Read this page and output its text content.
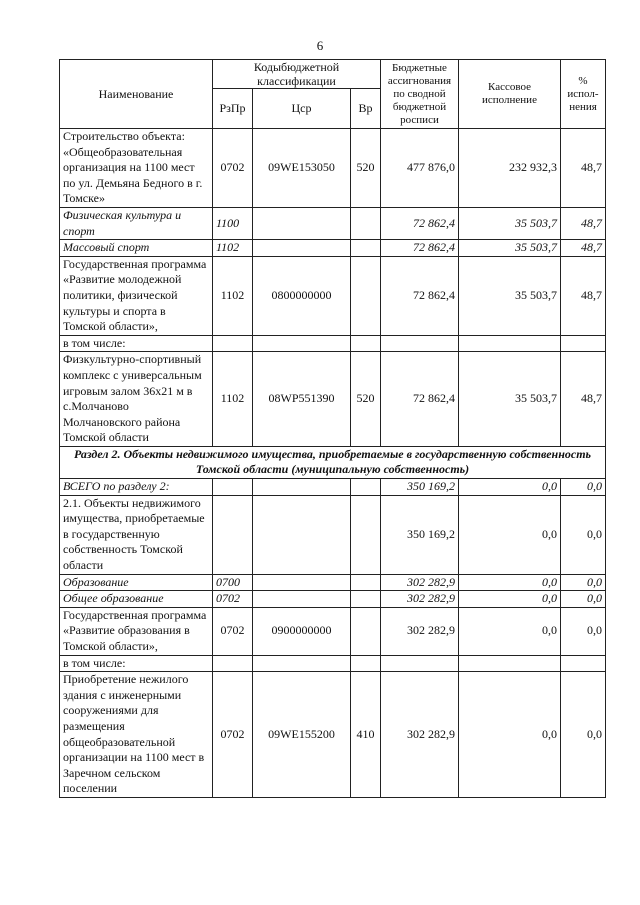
6
Наименование	Кодыбюджетной классификации			Бюджетные ассигнования по сводной бюджетной росписи	Кассовое исполнение	% испол-нения
	РзПр	Цср	Вр			
Строительство объекта: «Общеобразовательная организация на 1100 мест по ул. Демьяна Бедного в г. Томске»	0702	09WE153050	520	477 876,0	232 932,3	48,7
Физическая культура и спорт	1100			72 862,4	35 503,7	48,7
Массовый спорт	1102			72 862,4	35 503,7	48,7
Государственная программа «Развитие молодежной политики, физической культуры и спорта в Томской области»,	1102	0800000000		72 862,4	35 503,7	48,7
в том числе:						
Физкультурно-спортивный комплекс с универсальным игровым залом 36x21 м в с.Молчаново Молчановского района Томской области	1102	08WP551390	520	72 862,4	35 503,7	48,7
Раздел 2. Объекты недвижимого имущества, приобретаемые в государственную собственность Томской области (муниципальную собственность)						
ВСЕГО по разделу 2:				350 169,2	0,0	0,0
2.1. Объекты недвижимого имущества, приобретаемые в государственную собственность Томской области				350 169,2	0,0	0,0
Образование	0700			302 282,9	0,0	0,0
Общее образование	0702			302 282,9	0,0	0,0
Государственная программа «Развитие образования в Томской области»,	0702	0900000000		302 282,9	0,0	0,0
в том числе:						
Приобретение нежилого здания с инженерными сооружениями для размещения общеобразовательной организации на 1100 мест в Заречном сельском поселении	0702	09WE155200	410	302 282,9	0,0	0,0
